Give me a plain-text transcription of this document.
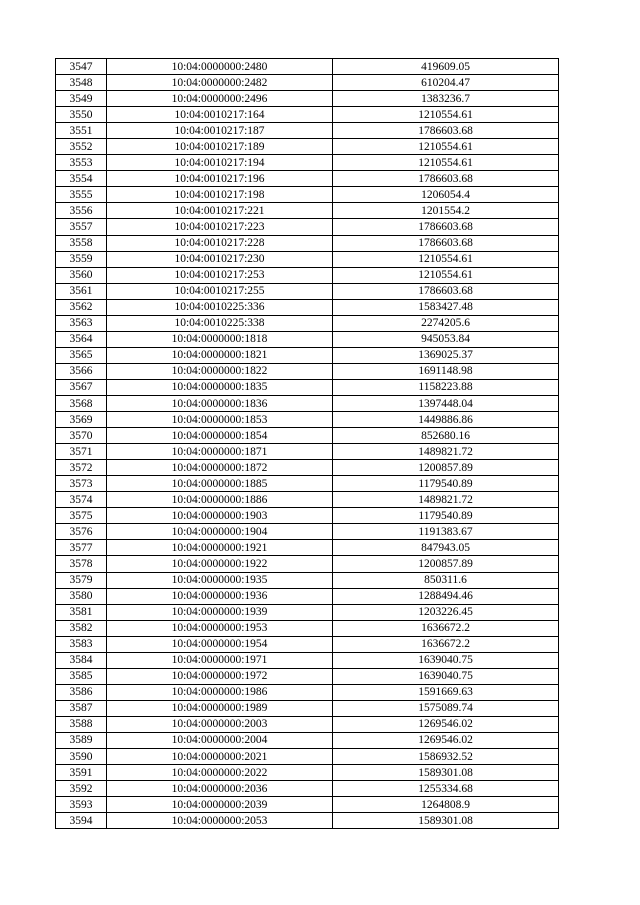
3547	10:04:0000000:2480	419609.05
3548	10:04:0000000:2482	610204.47
3549	10:04:0000000:2496	1383236.7
3550	10:04:0010217:164	1210554.61
3551	10:04:0010217:187	1786603.68
3552	10:04:0010217:189	1210554.61
3553	10:04:0010217:194	1210554.61
3554	10:04:0010217:196	1786603.68
3555	10:04:0010217:198	1206054.4
3556	10:04:0010217:221	1201554.2
3557	10:04:0010217:223	1786603.68
3558	10:04:0010217:228	1786603.68
3559	10:04:0010217:230	1210554.61
3560	10:04:0010217:253	1210554.61
3561	10:04:0010217:255	1786603.68
3562	10:04:0010225:336	1583427.48
3563	10:04:0010225:338	2274205.6
3564	10:04:0000000:1818	945053.84
3565	10:04:0000000:1821	1369025.37
3566	10:04:0000000:1822	1691148.98
3567	10:04:0000000:1835	1158223.88
3568	10:04:0000000:1836	1397448.04
3569	10:04:0000000:1853	1449886.86
3570	10:04:0000000:1854	852680.16
3571	10:04:0000000:1871	1489821.72
3572	10:04:0000000:1872	1200857.89
3573	10:04:0000000:1885	1179540.89
3574	10:04:0000000:1886	1489821.72
3575	10:04:0000000:1903	1179540.89
3576	10:04:0000000:1904	1191383.67
3577	10:04:0000000:1921	847943.05
3578	10:04:0000000:1922	1200857.89
3579	10:04:0000000:1935	850311.6
3580	10:04:0000000:1936	1288494.46
3581	10:04:0000000:1939	1203226.45
3582	10:04:0000000:1953	1636672.2
3583	10:04:0000000:1954	1636672.2
3584	10:04:0000000:1971	1639040.75
3585	10:04:0000000:1972	1639040.75
3586	10:04:0000000:1986	1591669.63
3587	10:04:0000000:1989	1575089.74
3588	10:04:0000000:2003	1269546.02
3589	10:04:0000000:2004	1269546.02
3590	10:04:0000000:2021	1586932.52
3591	10:04:0000000:2022	1589301.08
3592	10:04:0000000:2036	1255334.68
3593	10:04:0000000:2039	1264808.9
3594	10:04:0000000:2053	1589301.08
